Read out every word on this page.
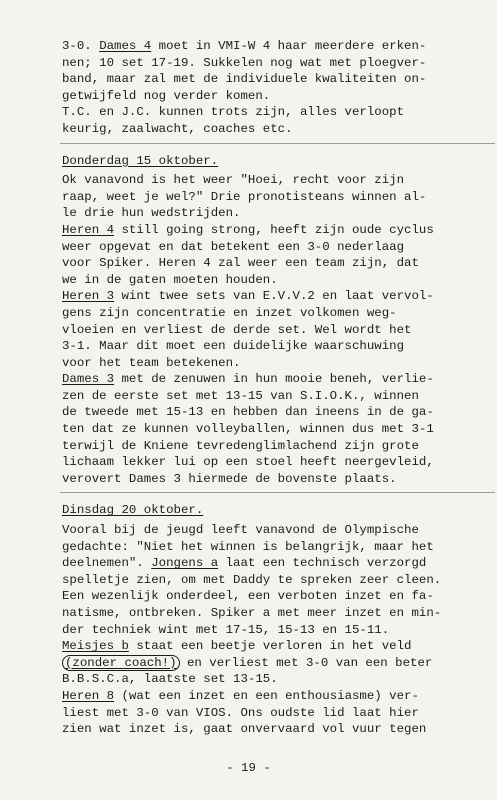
3-0. Dames 4 moet in VMI-W 4 haar meerdere erken-
nen; 10 set 17-19. Sukkelen nog wat met ploegver-
band, maar zal met de individuele kwaliteiten on-
getwijfeld nog verder komen.
T.C. en J.C. kunnen trots zijn, alles verloopt
keurig, zaalwacht, coaches etc.
Donderdag 15 oktober.
Ok vanavond is het weer "Hoei, recht voor zijn
raap, weet je wel?" Drie pronotisteans winnen al-
le drie hun wedstrijden.
Heren 4 still going strong, heeft zijn oude cyclus
weer opgevat en dat betekent een 3-0 nederlaag
voor Spiker. Heren 4 zal weer een team zijn, dat
we in de gaten moeten houden.
Heren 3 wint twee sets van E.V.V.2 en laat vervol-
gens zijn concentratie en inzet volkomen weg-
vloeien en verliest de derde set. Wel wordt het
3-1. Maar dit moet een duidelijke waarschuwing
voor het team betekenen.
Dames 3 met de zenuwen in hun mooie beneh, verlie-
zen de eerste set met 13-15 van S.I.O.K., winnen
de tweede met 15-13 en hebben dan ineens in de ga-
ten dat ze kunnen volleyballen, winnen dus met 3-1
terwijl de Kniene tevredenglimlachend zijn grote
lichaam lekker lui op een stoel heeft neergevleid,
verovert Dames 3 hiermede de bovenste plaats.
Dinsdag 20 oktober.
Vooral bij de jeugd leeft vanavond de Olympische
gedachte: "Niet het winnen is belangrijk, maar het
deelnemen". Jongens a laat een technisch verzorgd
spelletje zien, om met Daddy te spreken zeer cleen.
Een wezenlijk onderdeel, een verboten inzet en fa-
natisme, ontbreken. Spiker a met meer inzet en min-
der techniek wint met 17-15, 15-13 en 15-11.
Meisjes b staat een beetje verloren in het veld
(zonder coach!) en verliest met 3-0 van een beter
B.B.S.C.a, laatste set 13-15.
Heren 8 (wat een inzet en een enthousiasme) ver-
liest met 3-0 van VIOS. Ons oudste lid laat hier
zien wat inzet is, gaat onvervaard vol vuur tegen
- 19 -
